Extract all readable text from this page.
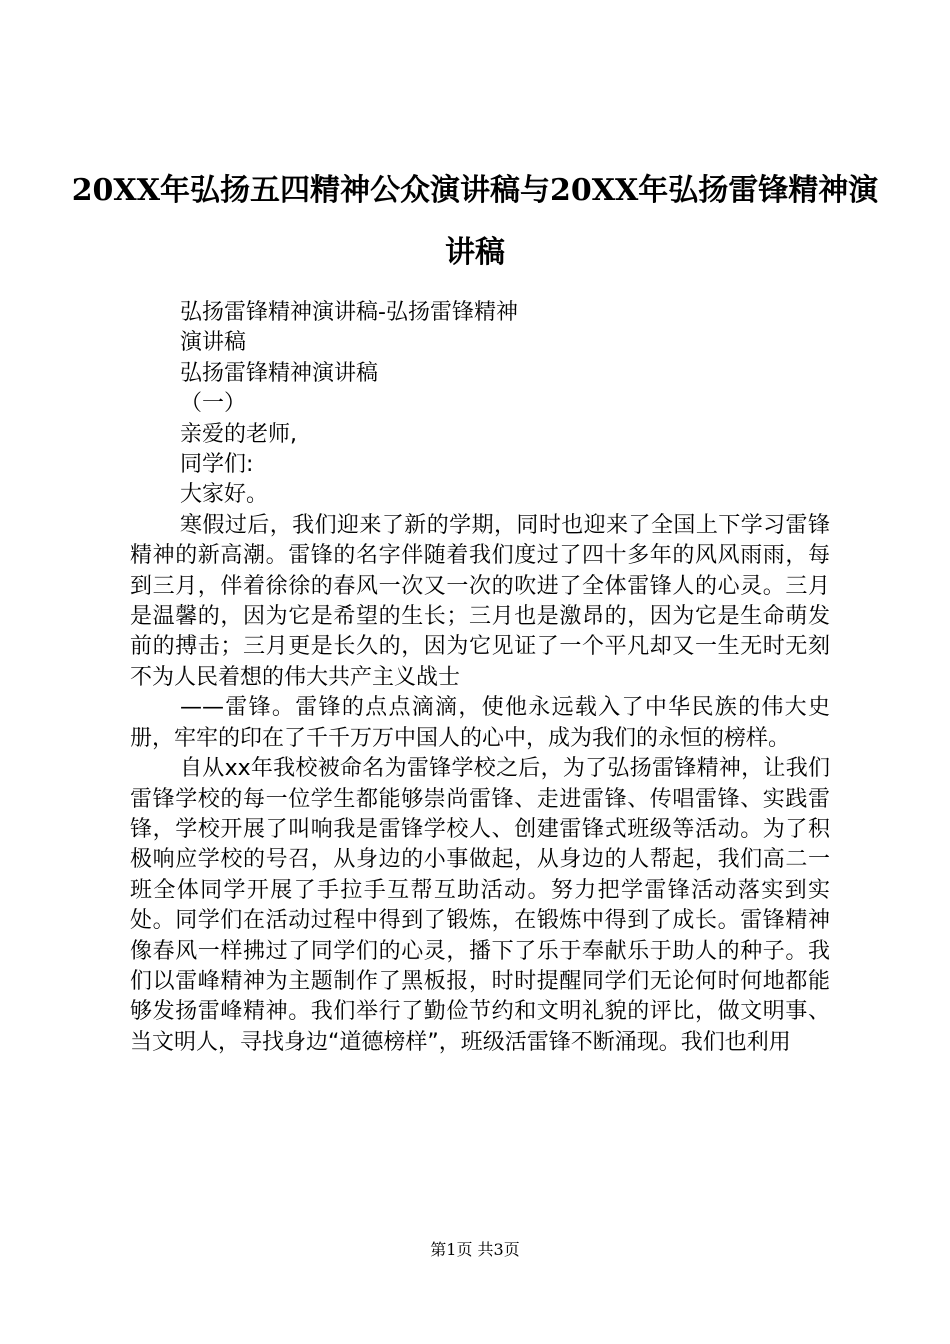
20XX年弘扬五四精神公众演讲稿与20XX年弘扬雷锋精神演讲稿
弘扬雷锋精神演讲稿-弘扬雷锋精神
演讲稿
弘扬雷锋精神演讲稿
（一）
亲爱的老师,
同学们:
大家好。

寒假过后，我们迎来了新的学期，同时也迎来了全国上下学习雷锋精神的新高潮。雷锋的名字伴随着我们度过了四十多年的风风雨雨，每到三月，伴着徐徐的春风一次又一次的吹进了全体雷锋人的心灵。三月是温馨的，因为它是希望的生长；三月也是激昂的，因为它是生命萌发前的搏击；三月更是长久的，因为它见证了一个平凡却又一生无时无刻不为人民着想的伟大共产主义战士

——雷锋。雷锋的点点滴滴，使他永远载入了中华民族的伟大史册，牢牢的印在了千千万万中国人的心中，成为我们的永恒的榜样。

自从xx年我校被命名为雷锋学校之后，为了弘扬雷锋精神，让我们雷锋学校的每一位学生都能够崇尚雷锋、走进雷锋、传唱雷锋、实践雷锋，学校开展了叫响我是雷锋学校人、创建雷锋式班级等活动。为了积极响应学校的号召，从身边的小事做起，从身边的人帮起，我们高二一班全体同学开展了手拉手互帮互助活动。努力把学雷锋活动落实到实处。同学们在活动过程中得到了锻炼，在锻炼中得到了成长。雷锋精神像春风一样拂过了同学们的心灵，播下了乐于奉献乐于助人的种子。我们以雷峰精神为主题制作了黑板报，时时提醒同学们无论何时何地都能够发扬雷峰精神。我们举行了勤俭节约和文明礼貌的评比，做文明事、当文明人，寻找身边“道德榜样”，班级活雷锋不断涌现。我们也利用

第1页 共3页
